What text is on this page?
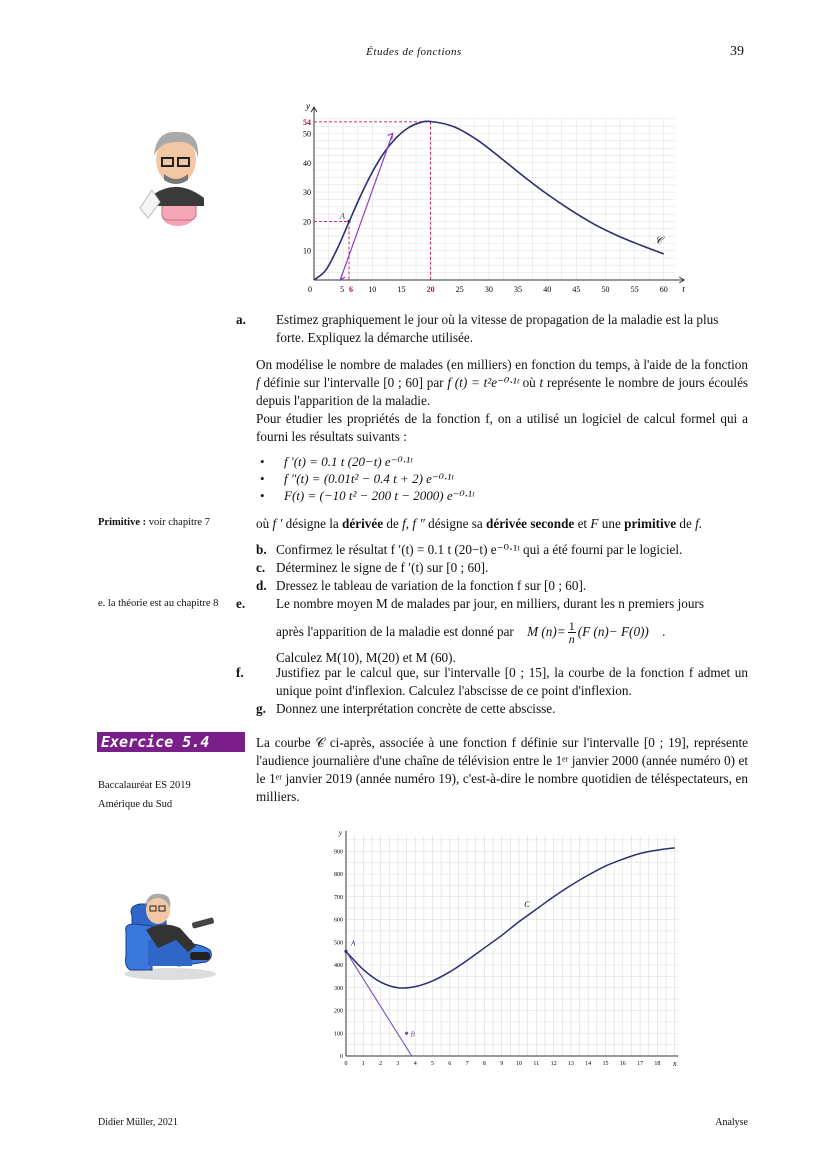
Études de fonctions	39
0	10	15	25	30	35	40	45	50	55	60
10
20
30
40
50
5 6	20
54
y
t
A
𝒞
a. Estimez graphiquement le jour où la vitesse de propagation de la maladie est la plus forte. Expliquez la démarche utilisée.
On modélise le nombre de malades (en milliers) en fonction du temps, à l'aide de la fonction f définie sur l'intervalle [0 ; 60] par f (t) = t²e⁻⁰·¹ᵗ où t représente le nombre de jours écoulés depuis l'apparition de la maladie.
Pour étudier les propriétés de la fonction f, on a utilisé un logiciel de calcul formel qui a fourni les résultats suivants :
• f ′(t) = 0.1 t (20−t) e⁻⁰·¹ᵗ
• f ″(t) = (0.01t² − 0.4 t + 2) e⁻⁰·¹ᵗ
• F(t) = (−10 t² − 200 t − 2000) e⁻⁰·¹ᵗ
Primitive : voir chapitre 7	où f ′ désigne la dérivée de f, f ″ désigne sa dérivée seconde et F une primitive de f.
b. Confirmez le résultat f ′(t) = 0.1 t (20−t) e⁻⁰·¹ᵗ qui a été fourni par le logiciel.
c. Déterminez le signe de f ′(t) sur [0 ; 60].
d. Dressez le tableau de variation de la fonction f sur [0 ; 60].
e. la théorie est au chapitre 8 e. Le nombre moyen M de malades par jour, en milliers, durant les n premiers jours
après l'apparition de la maladie est donné par M $(n)= \frac{1}{n} (F$ (n)− F(0)) .
Calculez M(10), M(20) et M (60).
f. Justifiez par le calcul que, sur l'intervalle [0 ; 15], la courbe de la fonction f admet un unique point d'inflexion. Calculez l'abscisse de ce point d'inflexion.
g. Donnez une interprétation concrète de cette abscisse.
Exercice 5.4
Baccalauréat ES 2019
Amérique du Sud
La courbe 𝒞 ci-après, associée à une fonction f définie sur l'intervalle [0 ; 19], représente l'audience journalière d'une chaîne de télévision entre le 1ᵉʳ janvier 2000 (année numéro 0) et le 1ᵉʳ janvier 2019 (année numéro 19), c'est-à-dire le nombre quotidien de téléspectateurs, en milliers.
y
x
0 1 2 3 4 5 6 7 8 9 10 11 12 13 14 15 16 17 18
100
200
300
400
500
600
700
800
900
0
A
B
C
Didier Müller, 2021	Analyse
